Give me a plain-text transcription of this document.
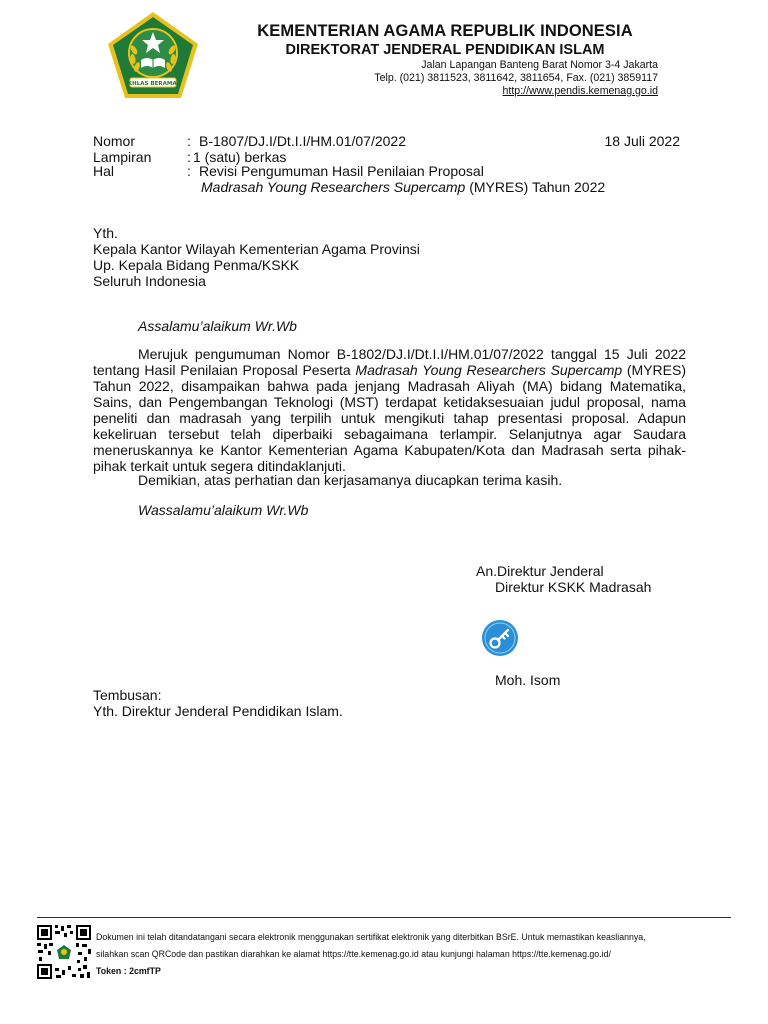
IKHLAS BERAMAL
KEMENTERIAN AGAMA REPUBLIK INDONESIA
DIREKTORAT JENDERAL PENDIDIKAN ISLAM
Jalan Lapangan Banteng Barat Nomor 3-4 Jakarta
Telp. (021) 3811523, 3811642, 3811654, Fax. (021) 3859117
http://www.pendis.kemenag.go.id
Nomor	: B-1807/DJ.I/Dt.I.I/HM.01/07/2022	18 Juli 2022
Lampiran	: 1 (satu) berkas
Hal	: Revisi Pengumuman Hasil Penilaian Proposal
Madrasah Young Researchers Supercamp (MYRES) Tahun 2022
Yth.
Kepala Kantor Wilayah Kementerian Agama Provinsi
Up. Kepala Bidang Penma/KSKK
Seluruh Indonesia
Assalamu’alaikum Wr.Wb
Merujuk pengumuman Nomor B-1802/DJ.I/Dt.I.I/HM.01/07/2022 tanggal 15 Juli 2022 tentang Hasil Penilaian Proposal Peserta Madrasah Young Researchers Supercamp (MYRES) Tahun 2022, disampaikan bahwa pada jenjang Madrasah Aliyah (MA) bidang Matematika, Sains, dan Pengembangan Teknologi (MST) terdapat ketidaksesuaian judul proposal, nama peneliti dan madrasah yang terpilih untuk mengikuti tahap presentasi proposal. Adapun kekeliruan tersebut telah diperbaiki sebagaimana terlampir. Selanjutnya agar Saudara meneruskannya ke Kantor Kementerian Agama Kabupaten/Kota dan Madrasah serta pihak-pihak terkait untuk segera ditindaklanjuti.
Demikian, atas perhatian dan kerjasamanya diucapkan terima kasih.
Wassalamu’alaikum Wr.Wb
An.Direktur Jenderal
Direktur KSKK Madrasah
Moh. Isom
Tembusan:
Yth. Direktur Jenderal Pendidikan Islam.
Dokumen ini telah ditandatangani secara elektronik menggunakan sertifikat elektronik yang diterbitkan BSrE. Untuk memastikan keasliannya,
silahkan scan QRCode dan pastikan diarahkan ke alamat https://tte.kemenag.go.id atau kunjungi halaman https://tte.kemenag.go.id/
Token : 2cmfTP
